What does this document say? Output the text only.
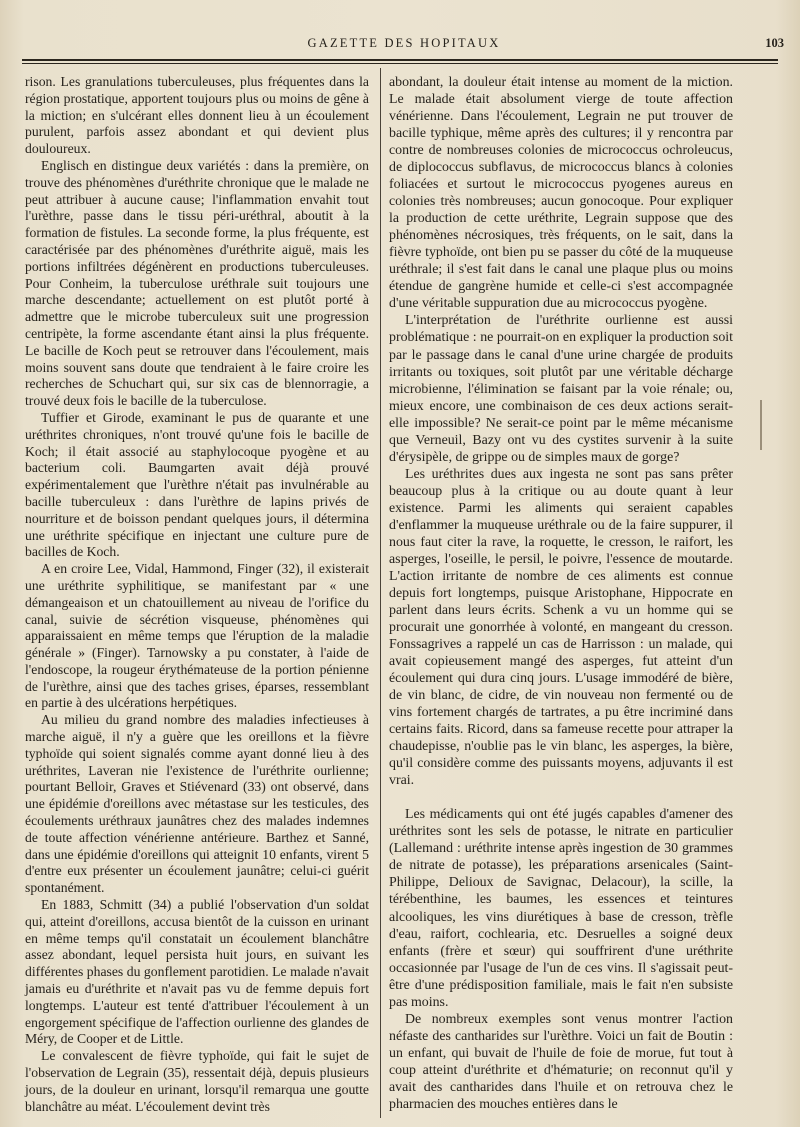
GAZETTE DES HOPITAUX	103

rison. Les granulations tuberculeuses, plus fréquentes dans la région prostatique, apportent toujours plus ou moins de gêne à la miction; en s'ulcérant elles donnent lieu à un écoulement purulent, parfois assez abondant et qui devient plus douloureux.

Englisch en distingue deux variétés : dans la première, on trouve des phénomènes d'uréthrite chronique que le malade ne peut attribuer à aucune cause; l'inflammation envahit tout l'urèthre, passe dans le tissu péri-uréthral, aboutit à la formation de fistules. La seconde forme, la plus fréquente, est caractérisée par des phénomènes d'uréthrite aiguë, mais les portions infiltrées dégénèrent en productions tuberculeuses. Pour Conheim, la tuberculose uréthrale suit toujours une marche descendante; actuellement on est plutôt porté à admettre que le microbe tuberculeux suit une progression centripète, la forme ascendante étant ainsi la plus fréquente. Le bacille de Koch peut se retrouver dans l'écoulement, mais moins souvent sans doute que tendraient à le faire croire les recherches de Schuchart qui, sur six cas de blennorragie, a trouvé deux fois le bacille de la tuberculose.

Tuffier et Girode, examinant le pus de quarante et une uréthrites chroniques, n'ont trouvé qu'une fois le bacille de Koch; il était associé au staphylocoque pyogène et au bacterium coli. Baumgarten avait déjà prouvé expérimentalement que l'urèthre n'était pas invulnérable au bacille tuberculeux : dans l'urèthre de lapins privés de nourriture et de boisson pendant quelques jours, il détermina une uréthrite spécifique en injectant une culture pure de bacilles de Koch.

A en croire Lee, Vidal, Hammond, Finger (32), il existerait une uréthrite syphilitique, se manifestant par « une démangeaison et un chatouillement au niveau de l'orifice du canal, suivie de sécrétion visqueuse, phénomènes qui apparaissaient en même temps que l'éruption de la maladie générale » (Finger). Tarnowsky a pu constater, à l'aide de l'endoscope, la rougeur érythémateuse de la portion pénienne de l'urèthre, ainsi que des taches grises, éparses, ressemblant en partie à des ulcérations herpétiques.

Au milieu du grand nombre des maladies infectieuses à marche aiguë, il n'y a guère que les oreillons et la fièvre typhoïde qui soient signalés comme ayant donné lieu à des uréthrites, Laveran nie l'existence de l'uréthrite ourlienne; pourtant Belloir, Graves et Stiévenard (33) ont observé, dans une épidémie d'oreillons avec métastase sur les testicules, des écoulements uréthraux jaunâtres chez des malades indemnes de toute affection vénérienne antérieure. Barthez et Sanné, dans une épidémie d'oreillons qui atteignit 10 enfants, virent 5 d'entre eux présenter un écoulement jaunâtre; celui-ci guérit spontanément.

En 1883, Schmitt (34) a publié l'observation d'un soldat qui, atteint d'oreillons, accusa bientôt de la cuisson en urinant en même temps qu'il constatait un écoulement blanchâtre assez abondant, lequel persista huit jours, en suivant les différentes phases du gonflement parotidien. Le malade n'avait jamais eu d'uréthrite et n'avait pas vu de femme depuis fort longtemps. L'auteur est tenté d'attribuer l'écoulement à un engorgement spécifique de l'affection ourlienne des glandes de Méry, de Cooper et de Little.

Le convalescent de fièvre typhoïde, qui fait le sujet de l'observation de Legrain (35), ressentait déjà, depuis plusieurs jours, de la douleur en urinant, lorsqu'il remarqua une goutte blanchâtre au méat. L'écoulement devint très

abondant, la douleur était intense au moment de la miction. Le malade était absolument vierge de toute affection vénérienne. Dans l'écoulement, Legrain ne put trouver de bacille typhique, même après des cultures; il y rencontra par contre de nombreuses colonies de micrococcus ochroleucus, de diplococcus subflavus, de micrococcus blancs à colonies foliacées et surtout le micrococcus pyogenes aureus en colonies très nombreuses; aucun gonocoque. Pour expliquer la production de cette uréthrite, Legrain suppose que des phénomènes nécrosiques, très fréquents, on le sait, dans la fièvre typhoïde, ont bien pu se passer du côté de la muqueuse uréthrale; il s'est fait dans le canal une plaque plus ou moins étendue de gangrène humide et celle-ci s'est accompagnée d'une véritable suppuration due au micrococcus pyogène.

L'interprétation de l'uréthrite ourlienne est aussi problématique : ne pourrait-on en expliquer la production soit par le passage dans le canal d'une urine chargée de produits irritants ou toxiques, soit plutôt par une véritable décharge microbienne, l'élimination se faisant par la voie rénale; ou, mieux encore, une combinaison de ces deux actions serait-elle impossible? Ne serait-ce point par le même mécanisme que Verneuil, Bazy ont vu des cystites survenir à la suite d'érysipèle, de grippe ou de simples maux de gorge?

Les uréthrites dues aux ingesta ne sont pas sans prêter beaucoup plus à la critique ou au doute quant à leur existence. Parmi les aliments qui seraient capables d'enflammer la muqueuse uréthrale ou de la faire suppurer, il nous faut citer la rave, la roquette, le cresson, le raifort, les asperges, l'oseille, le persil, le poivre, l'essence de moutarde. L'action irritante de nombre de ces aliments est connue depuis fort longtemps, puisque Aristophane, Hippocrate en parlent dans leurs écrits. Schenk a vu un homme qui se procurait une gonorrhée à volonté, en mangeant du cresson. Fonssagrives a rappelé un cas de Harrisson : un malade, qui avait copieusement mangé des asperges, fut atteint d'un écoulement qui dura cinq jours. L'usage immodéré de bière, de vin blanc, de cidre, de vin nouveau non fermenté ou de vins fortement chargés de tartrates, a pu être incriminé dans certains faits. Ricord, dans sa fameuse recette pour attraper la chaudepisse, n'oublie pas le vin blanc, les asperges, la bière, qu'il considère comme des puissants moyens, adjuvants il est vrai.

Les médicaments qui ont été jugés capables d'amener des uréthrites sont les sels de potasse, le nitrate en particulier (Lallemand : uréthrite intense après ingestion de 30 grammes de nitrate de potasse), les préparations arsenicales (Saint-Philippe, Delioux de Savignac, Delacour), la scille, la térébenthine, les baumes, les essences et teintures alcooliques, les vins diurétiques à base de cresson, trèfle d'eau, raifort, cochlearia, etc. Desruelles a soigné deux enfants (frère et sœur) qui souffrirent d'une uréthrite occasionnée par l'usage de l'un de ces vins. Il s'agissait peut-être d'une prédisposition familiale, mais le fait n'en subsiste pas moins.

De nombreux exemples sont venus montrer l'action néfaste des cantharides sur l'urèthre. Voici un fait de Boutin : un enfant, qui buvait de l'huile de foie de morue, fut tout à coup atteint d'uréthrite et d'hématurie; on reconnut qu'il y avait des cantharides dans l'huile et on retrouva chez le pharmacien des mouches entières dans le
